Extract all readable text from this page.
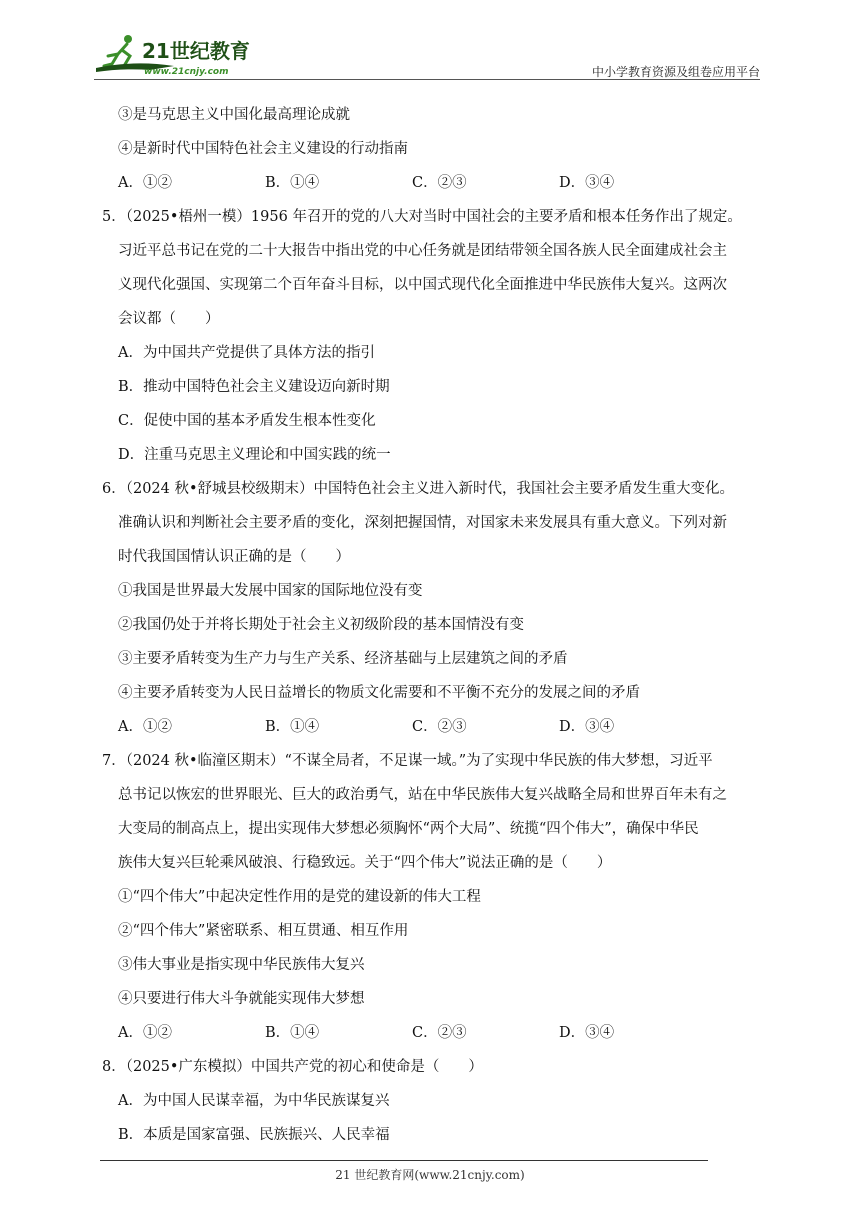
21世纪教育
www.21cnjy.com	中小学教育资源及组卷应用平台
③是马克思主义中国化最高理论成就
④是新时代中国特色社会主义建设的行动指南
A．①②	B．①④	C．②③	D．③④
5．（2025•梧州一模）1956 年召开的党的八大对当时中国社会的主要矛盾和根本任务作出了规定。
习近平总书记在党的二十大报告中指出党的中心任务就是团结带领全国各族人民全面建成社会主
义现代化强国、实现第二个百年奋斗目标，以中国式现代化全面推进中华民族伟大复兴。这两次
会议都（　　）
A．为中国共产党提供了具体方法的指引
B．推动中国特色社会主义建设迈向新时期
C．促使中国的基本矛盾发生根本性变化
D．注重马克思主义理论和中国实践的统一
6．（2024 秋•舒城县校级期末）中国特色社会主义进入新时代，我国社会主要矛盾发生重大变化。
准确认识和判断社会主要矛盾的变化，深刻把握国情，对国家未来发展具有重大意义。下列对新
时代我国国情认识正确的是（　　）
①我国是世界最大发展中国家的国际地位没有变
②我国仍处于并将长期处于社会主义初级阶段的基本国情没有变
③主要矛盾转变为生产力与生产关系、经济基础与上层建筑之间的矛盾
④主要矛盾转变为人民日益增长的物质文化需要和不平衡不充分的发展之间的矛盾
A．①②	B．①④	C．②③	D．③④
7．（2024 秋•临潼区期末）“不谋全局者，不足谋一域。”为了实现中华民族的伟大梦想，习近平
总书记以恢宏的世界眼光、巨大的政治勇气，站在中华民族伟大复兴战略全局和世界百年未有之
大变局的制高点上，提出实现伟大梦想必须胸怀“两个大局”、统揽“四个伟大”，确保中华民
族伟大复兴巨轮乘风破浪、行稳致远。关于“四个伟大”说法正确的是（　　）
①“四个伟大”中起决定性作用的是党的建设新的伟大工程
②“四个伟大”紧密联系、相互贯通、相互作用
③伟大事业是指实现中华民族伟大复兴
④只要进行伟大斗争就能实现伟大梦想
A．①②	B．①④	C．②③	D．③④
8．（2025•广东模拟）中国共产党的初心和使命是（　　）
A．为中国人民谋幸福，为中华民族谋复兴
B．本质是国家富强、民族振兴、人民幸福
21 世纪教育网(www.21cnjy.com)
